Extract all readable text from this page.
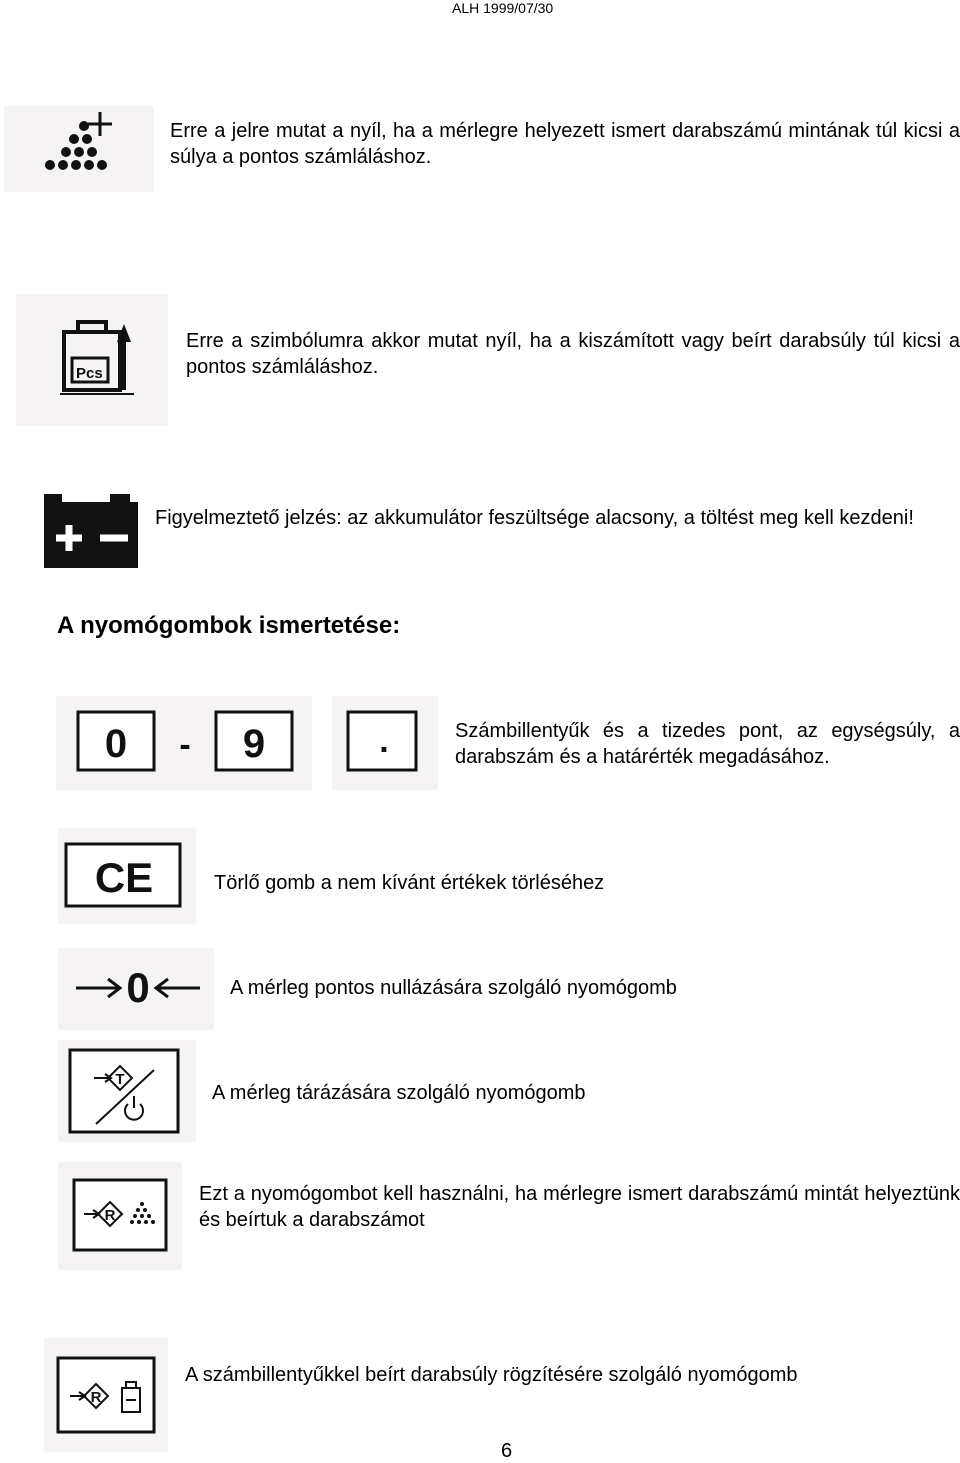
ALH 1999/07/30
Erre a jelre mutat a nyíl, ha a mérlegre helyezett ismert darabszámú mintának túl kicsi a súlya a pontos számláláshoz.
Pcs
Erre a szimbólumra akkor mutat nyíl, ha a kiszámított vagy beírt darabsúly túl kicsi a pontos számláláshoz.
Figyelmeztető jelzés: az akkumulátor feszültsége alacsony, a töltést meg kell kezdeni!
A nyomógombok ismertetése:
0 - 9	.	Számbillentyűk és a tizedes pont, az egységsúly, a darabszám és a határérték megadásához.
CE	Törlő gomb a nem kívánt értékek törléséhez
0	A mérleg pontos nullázására szolgáló nyomógomb
T
A mérleg tárázására szolgáló nyomógomb
R
Ezt a nyomógombot kell használni, ha mérlegre ismert darabszámú mintát helyeztünk és beírtuk a darabszámot
R
A számbillentyűkkel beírt darabsúly rögzítésére szolgáló nyomógomb
6
